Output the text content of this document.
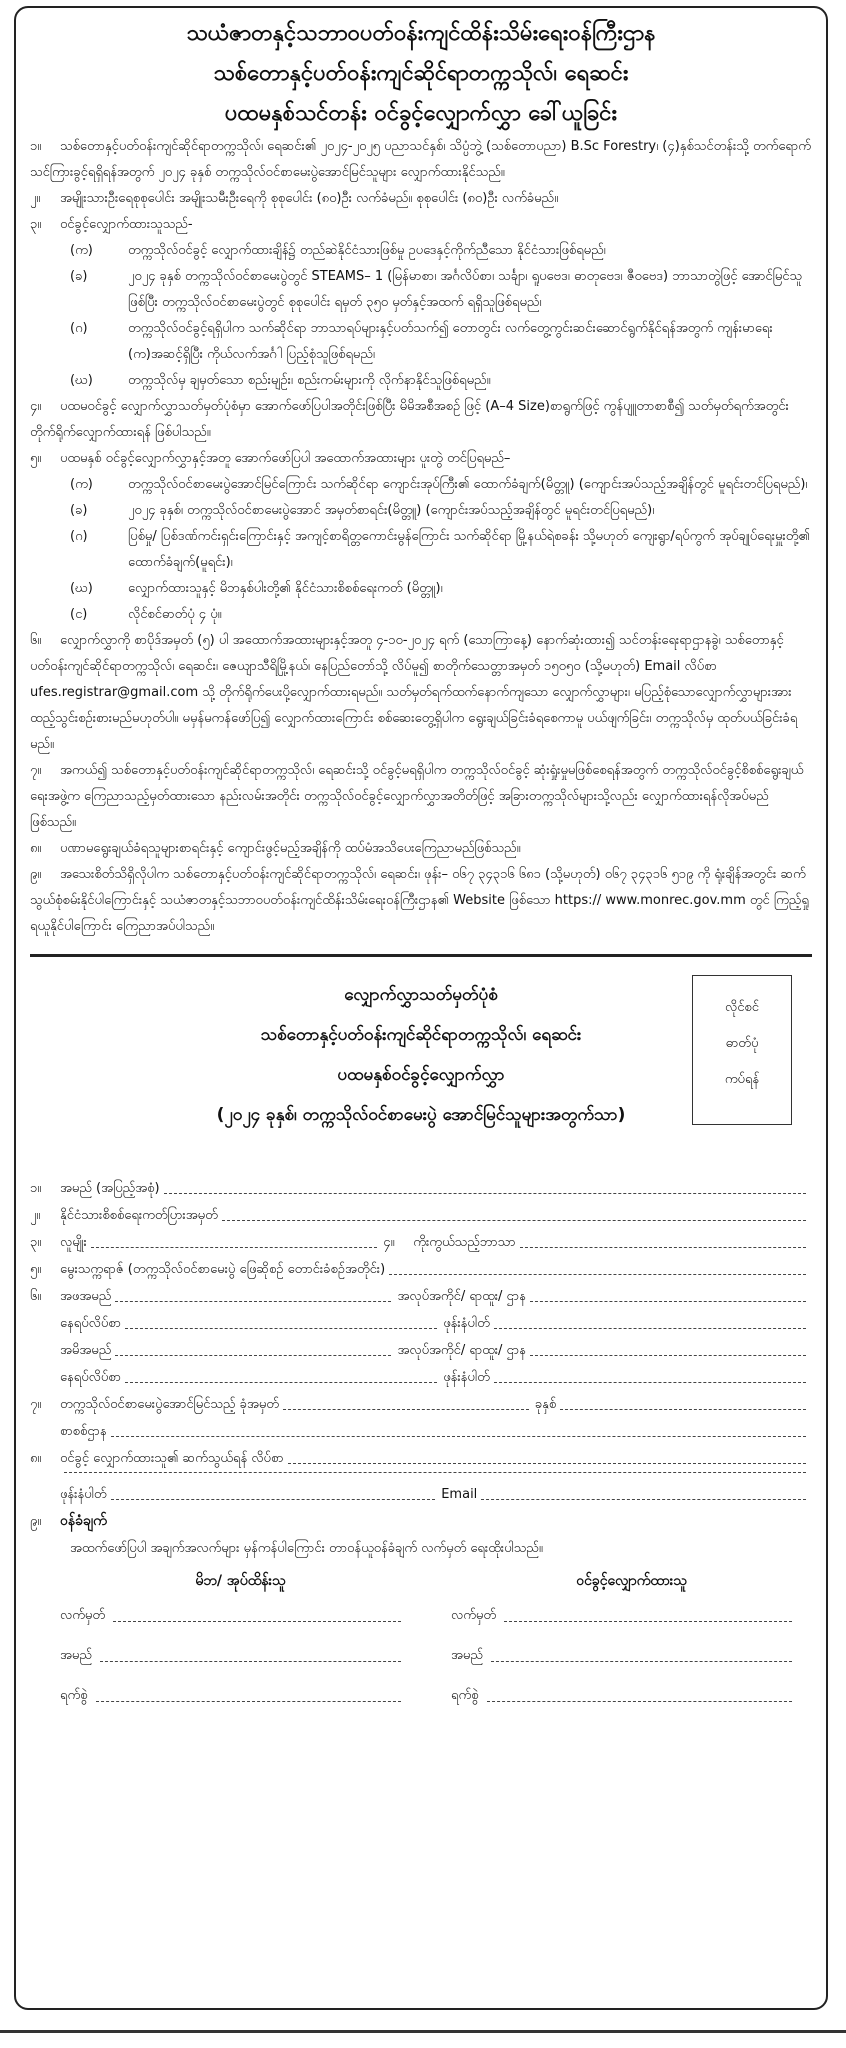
သယံဇာတနှင့်သဘာဝပတ်ဝန်းကျင်ထိန်းသိမ်းရေးဝန်ကြီးဌာန

သစ်တောနှင့်ပတ်ဝန်းကျင်ဆိုင်ရာတက္ကသိုလ်၊ ရေဆင်း

ပထမနှစ်သင်တန်း ဝင်ခွင့်လျှောက်လွှာ ခေါ်ယူခြင်း

၁။ သစ်တောနှင့်ပတ်ဝန်းကျင်ဆိုင်ရာတက္ကသိုလ်၊ ရေဆင်း၏ ၂၀၂၄-၂၀၂၅ ပညာသင်နှစ်၊ သိပ္ပံဘွဲ့ (သစ်တောပညာ) B.Sc Forestry၊ (၄)နှစ်သင်တန်းသို့ တက်ရောက်သင်ကြားခွင့်ရရှိရန်အတွက် ၂၀၂၄ ခုနှစ် တက္ကသိုလ်ဝင်စာမေးပွဲအောင်မြင်သူများ လျှောက်ထားနိုင်သည်။

၂။ အမျိုးသားဦးရေစုစုပေါင်း အမျိုးသမီးဦးရေကို စုစုပေါင်း (၈၀)ဦး လက်ခံမည်။ စုစုပေါင်း (၈၀)ဦး လက်ခံမည်။

၃။ ဝင်ခွင့်လျှောက်ထားသူသည်-

(က)	တက္ကသိုလ်ဝင်ခွင့် လျှောက်ထားချိန်၌ တည်ဆဲနိုင်ငံသားဖြစ်မှု ဥပဒေနှင့်ကိုက်ညီသော နိုင်ငံသားဖြစ်ရမည်၊

(ခ)	၂၀၂၄ ခုနှစ် တက္ကသိုလ်ဝင်စာမေးပွဲတွင် STEAMS– 1 (မြန်မာစာ၊ အင်္ဂလိပ်စာ၊ သင်္ချာ၊ ရူပဗေဒ၊ ဓာတုဗေဒ၊ ဇီဝဗေဒ) ဘာသာတွဲဖြင့် အောင်မြင်သူဖြစ်ပြီး တက္ကသိုလ်ဝင်စာမေးပွဲတွင် စုစုပေါင်း ရမှတ် ၃၅၀ မှတ်နှင့်အထက် ရရှိသူဖြစ်ရမည်၊

(ဂ)	တက္ကသိုလ်ဝင်ခွင့်ရရှိပါက သက်ဆိုင်ရာ ဘာသာရပ်များနှင့်ပတ်သက်၍ တောတွင်း လက်တွေ့ကွင်းဆင်းဆောင်ရွက်နိုင်ရန်အတွက် ကျန်းမာရေး (က)အဆင့်ရှိပြီး ကိုယ်လက်အင်္ဂါ ပြည့်စုံသူဖြစ်ရမည်၊

(ဃ)	တက္ကသိုလ်မှ ချမှတ်သော စည်းမျဉ်း၊ စည်းကမ်းများကို လိုက်နာနိုင်သူဖြစ်ရမည်။

၄။ ပထမဝင်ခွင့် လျှောက်လွှာသတ်မှတ်ပုံစံမှာ အောက်ဖော်ပြပါအတိုင်းဖြစ်ပြီး မိမိအစီအစဉ် ဖြင့် (A–4 Size)စာရွက်ဖြင့် ကွန်ပျူတာစာစီ၍ သတ်မှတ်ရက်အတွင်း တိုက်ရိုက်လျှောက်ထားရန် ဖြစ်ပါသည်။

၅။ ပထမနှစ် ဝင်ခွင့်လျှောက်လွှာနှင့်အတူ အောက်ဖော်ပြပါ အထောက်အထားများ ပူးတွဲ တင်ပြရမည်–

(က)	တက္ကသိုလ်ဝင်စာမေးပွဲအောင်မြင်ကြောင်း သက်ဆိုင်ရာ ကျောင်းအုပ်ကြီး၏ ထောက်ခံချက်(မိတ္တူ) (ကျောင်းအပ်သည့်အချိန်တွင် မူရင်းတင်ပြရမည်)၊

(ခ)	၂၀၂၄ ခုနှစ်၊ တက္ကသိုလ်ဝင်စာမေးပွဲအောင် အမှတ်စာရင်း(မိတ္တူ) (ကျောင်းအပ်သည့်အချိန်တွင် မူရင်းတင်ပြရမည်)၊

(ဂ)	ပြစ်မှု/ ပြစ်ဒဏ်ကင်းရှင်းကြောင်းနှင့် အကျင့်စာရိတ္တကောင်းမွန်ကြောင်း သက်ဆိုင်ရာ မြို့နယ်ရဲစခန်း သို့မဟုတ် ကျေးရွာ/ရပ်ကွက် အုပ်ချုပ်ရေးမှူးတို့၏ ထောက်ခံချက်(မူရင်း)၊

(ဃ)	လျှောက်ထားသူနှင့် မိဘနှစ်ပါးတို့၏ နိုင်ငံသားစိစစ်ရေးကတ် (မိတ္တူ)၊

(င)	လိုင်စင်ဓာတ်ပုံ ၄ ပုံ။

၆။ လျှောက်လွှာကို စာပိုဒ်အမှတ် (၅) ပါ အထောက်အထားများနှင့်အတူ ၄-၁၀-၂၀၂၄ ရက် (သောကြာနေ့) နောက်ဆုံးထား၍ သင်တန်းရေးရာဌာနခွဲ၊ သစ်တောနှင့်ပတ်ဝန်းကျင်ဆိုင်ရာတက္ကသိုလ်၊ ရေဆင်း၊ ဇေယျာသီရိမြို့နယ်၊ နေပြည်တော်သို့ လိပ်မူ၍ စာတိုက်သေတ္တာအမှတ် ၁၅၀၅၀ (သို့မဟုတ်) Email လိပ်စာ ufes.registrar@gmail.com သို့ တိုက်ရိုက်ပေးပို့လျှောက်ထားရမည်။ သတ်မှတ်ရက်ထက်နောက်ကျသော လျှောက်လွှာများ၊ မပြည့်စုံသောလျှောက်လွှာများအား ထည့်သွင်းစဉ်းစားမည်မဟုတ်ပါ။ မမှန်မကန်ဖော်ပြ၍ လျှောက်ထားကြောင်း စစ်ဆေးတွေ့ရှိပါက ရွေးချယ်ခြင်းခံရစေကာမူ ပယ်ဖျက်ခြင်း၊ တက္ကသိုလ်မှ ထုတ်ပယ်ခြင်းခံရမည်။

၇။ အကယ်၍ သစ်တောနှင့်ပတ်ဝန်းကျင်ဆိုင်ရာတက္ကသိုလ်၊ ရေဆင်းသို့ ဝင်ခွင့်မရရှိပါက တက္ကသိုလ်ဝင်ခွင့် ဆုံးရှုံးမှုမဖြစ်စေရန်အတွက် တက္ကသိုလ်ဝင်ခွင့်စိစစ်ရွေးချယ်ရေးအဖွဲ့က ကြေညာသည့်မှတ်ထားသော နည်းလမ်းအတိုင်း တက္ကသိုလ်ဝင်ခွင့်လျှောက်လွှာအတိတ်ဖြင့် အခြားတက္ကသိုလ်များသို့လည်း လျှောက်ထားရန်လိုအပ်မည်ဖြစ်သည်။

၈။ ပဏာမရွေးချယ်ခံရသူများစာရင်းနှင့် ကျောင်းဖွင့်မည့်အချိန်ကို ထပ်မံအသိပေးကြေညာမည်ဖြစ်သည်။

၉။ အသေးစိတ်သိရှိလိုပါက သစ်တောနှင့်ပတ်ဝန်းကျင်ဆိုင်ရာတက္ကသိုလ်၊ ရေဆင်း၊ ဖုန်း– ၀၆၇ ၃၄၃၁၆ ၆၈၁ (သို့မဟုတ်) ၀၆၇ ၃၄၃၁၆ ၅၁၉ ကို ရုံးချိန်အတွင်း ဆက်သွယ်စုံစမ်းနိုင်ပါကြောင်းနှင့် သယံဇာတနှင့်သဘာဝပတ်ဝန်းကျင်ထိန်းသိမ်းရေးဝန်ကြီးဌာန၏ Website ဖြစ်သော https:// www.monrec.gov.mm တွင် ကြည့်ရှုရယူနိုင်ပါကြောင်း ကြေညာအပ်ပါသည်။

လျှောက်လွှာသတ်မှတ်ပုံစံ

သစ်တောနှင့်ပတ်ဝန်းကျင်ဆိုင်ရာတက္ကသိုလ်၊ ရေဆင်း

ပထမနှစ်ဝင်ခွင့်လျှောက်လွှာ

(၂၀၂၄ ခုနှစ်၊ တက္ကသိုလ်ဝင်စာမေးပွဲ အောင်မြင်သူများအတွက်သာ)

လိုင်စင်
ဓာတ်ပုံ
ကပ်ရန်
၁။	အမည် (အပြည့်အစုံ)
၂။	နိုင်ငံသားစိစစ်ရေးကတ်ပြားအမှတ်
၃။	လူမျိုး	၄။	ကိုးကွယ်သည့်ဘာသာ
၅။	မွေးသက္ကရာဇ် (တက္ကသိုလ်ဝင်စာမေးပွဲ ဖြေဆိုစဉ် တောင်းခံစဉ်အတိုင်း)
၆။	အဖအမည်	အလုပ်အကိုင်/ ရာထူး/ ဌာန
နေရပ်လိပ်စာ	ဖုန်းနံပါတ်
အမိအမည်	အလုပ်အကိုင်/ ရာထူး/ ဌာန
နေရပ်လိပ်စာ	ဖုန်းနံပါတ်
၇။	တက္ကသိုလ်ဝင်စာမေးပွဲအောင်မြင်သည့် ခုံအမှတ်	ခုနှစ်
စာစစ်ဌာန
၈။	ဝင်ခွင့် လျှောက်ထားသူ၏ ဆက်သွယ်ရန် လိပ်စာ
ဖုန်းနံပါတ်	Email
၉။	ဝန်ခံချက်
အထက်ဖော်ပြပါ အချက်အလက်များ မှန်ကန်ပါကြောင်း တာဝန်ယူဝန်ခံချက် လက်မှတ် ရေးထိုးပါသည်။
မိဘ/ အုပ်ထိန်းသူ
လက်မှတ်
အမည်
ရက်စွဲ
ဝင်ခွင့်လျှောက်ထားသူ
လက်မှတ်
အမည်
ရက်စွဲ
